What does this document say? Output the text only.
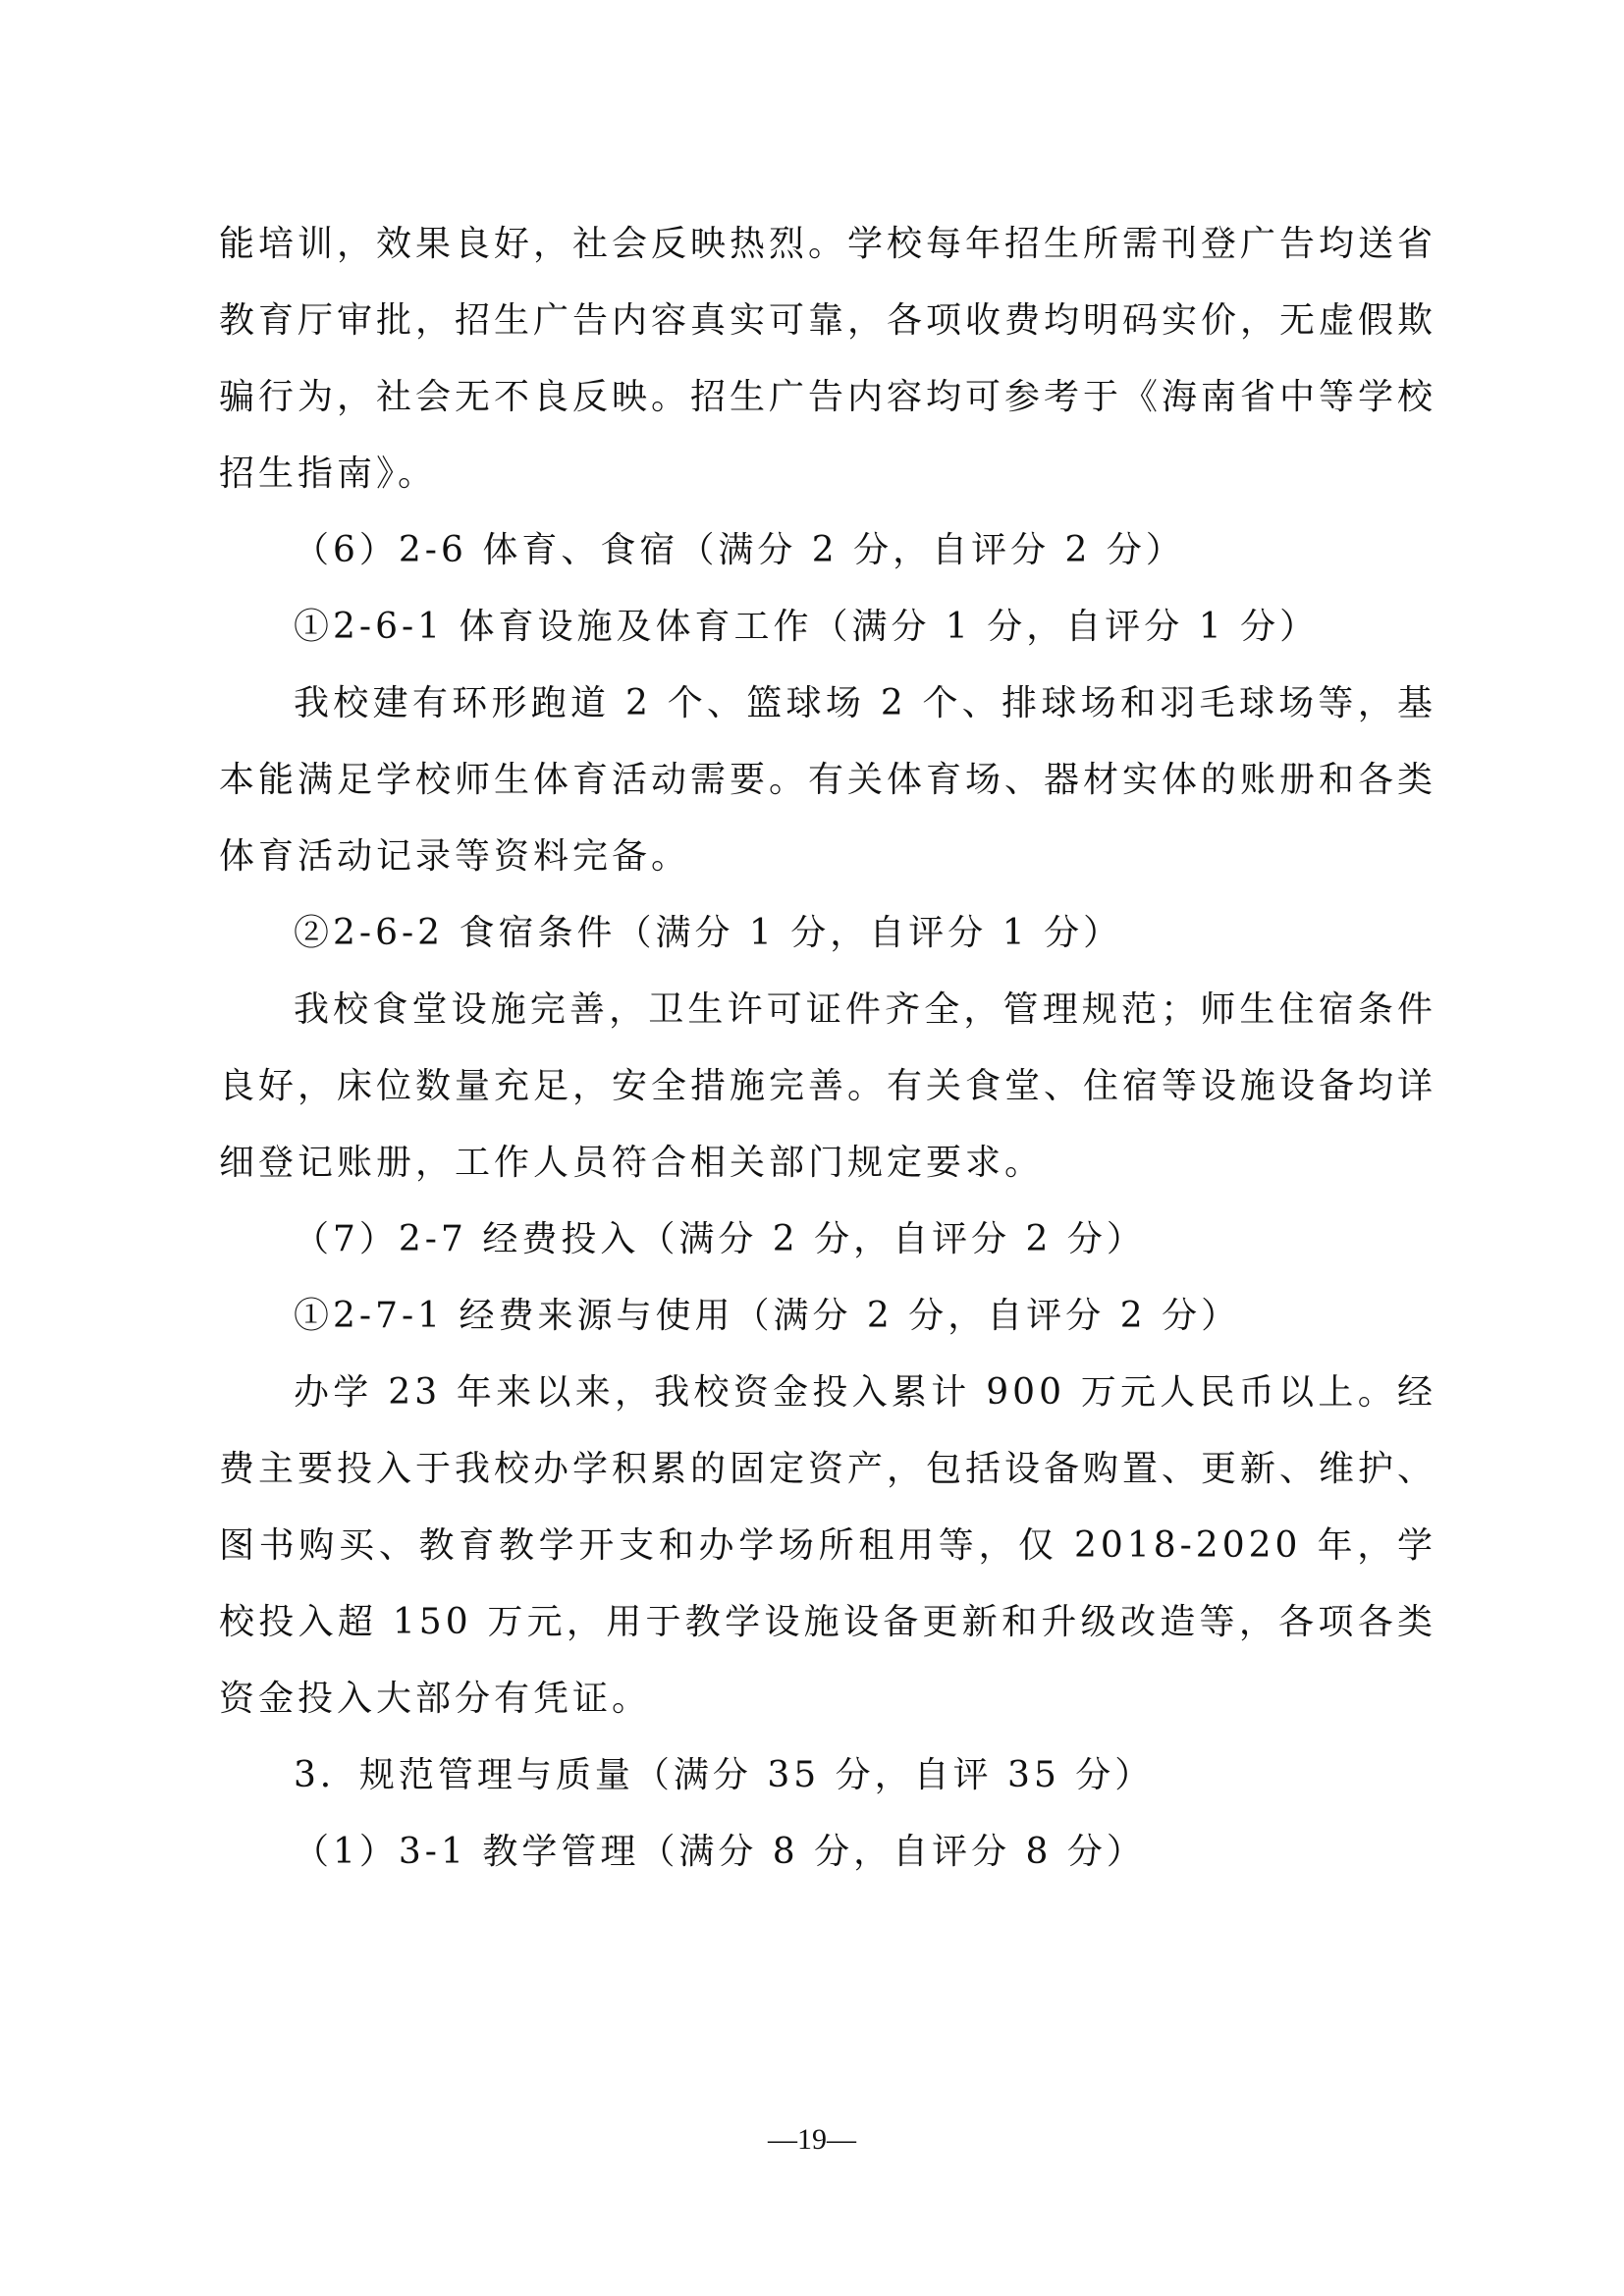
能培训，效果良好，社会反映热烈。学校每年招生所需刊登广告均送省教育厅审批，招生广告内容真实可靠，各项收费均明码实价，无虚假欺骗行为，社会无不良反映。招生广告内容均可参考于《海南省中等学校招生指南》。

（6）2-6 体育、食宿（满分 2 分，自评分 2 分）

①2-6-1 体育设施及体育工作（满分 1 分，自评分 1 分）

我校建有环形跑道 2 个、篮球场 2 个、排球场和羽毛球场等，基本能满足学校师生体育活动需要。有关体育场、器材实体的账册和各类体育活动记录等资料完备。

②2-6-2 食宿条件（满分 1 分，自评分 1 分）

我校食堂设施完善，卫生许可证件齐全，管理规范；师生住宿条件良好，床位数量充足，安全措施完善。有关食堂、住宿等设施设备均详细登记账册，工作人员符合相关部门规定要求。

（7）2-7 经费投入（满分 2 分，自评分 2 分）

①2-7-1 经费来源与使用（满分 2 分，自评分 2 分）

办学 23 年来以来，我校资金投入累计 900 万元人民币以上。经费主要投入于我校办学积累的固定资产，包括设备购置、更新、维护、图书购买、教育教学开支和办学场所租用等，仅 2018-2020 年，学校投入超 150 万元，用于教学设施设备更新和升级改造等，各项各类资金投入大部分有凭证。

3．规范管理与质量（满分 35 分，自评 35 分）

（1）3-1 教学管理（满分 8 分，自评分 8 分）

—19—
